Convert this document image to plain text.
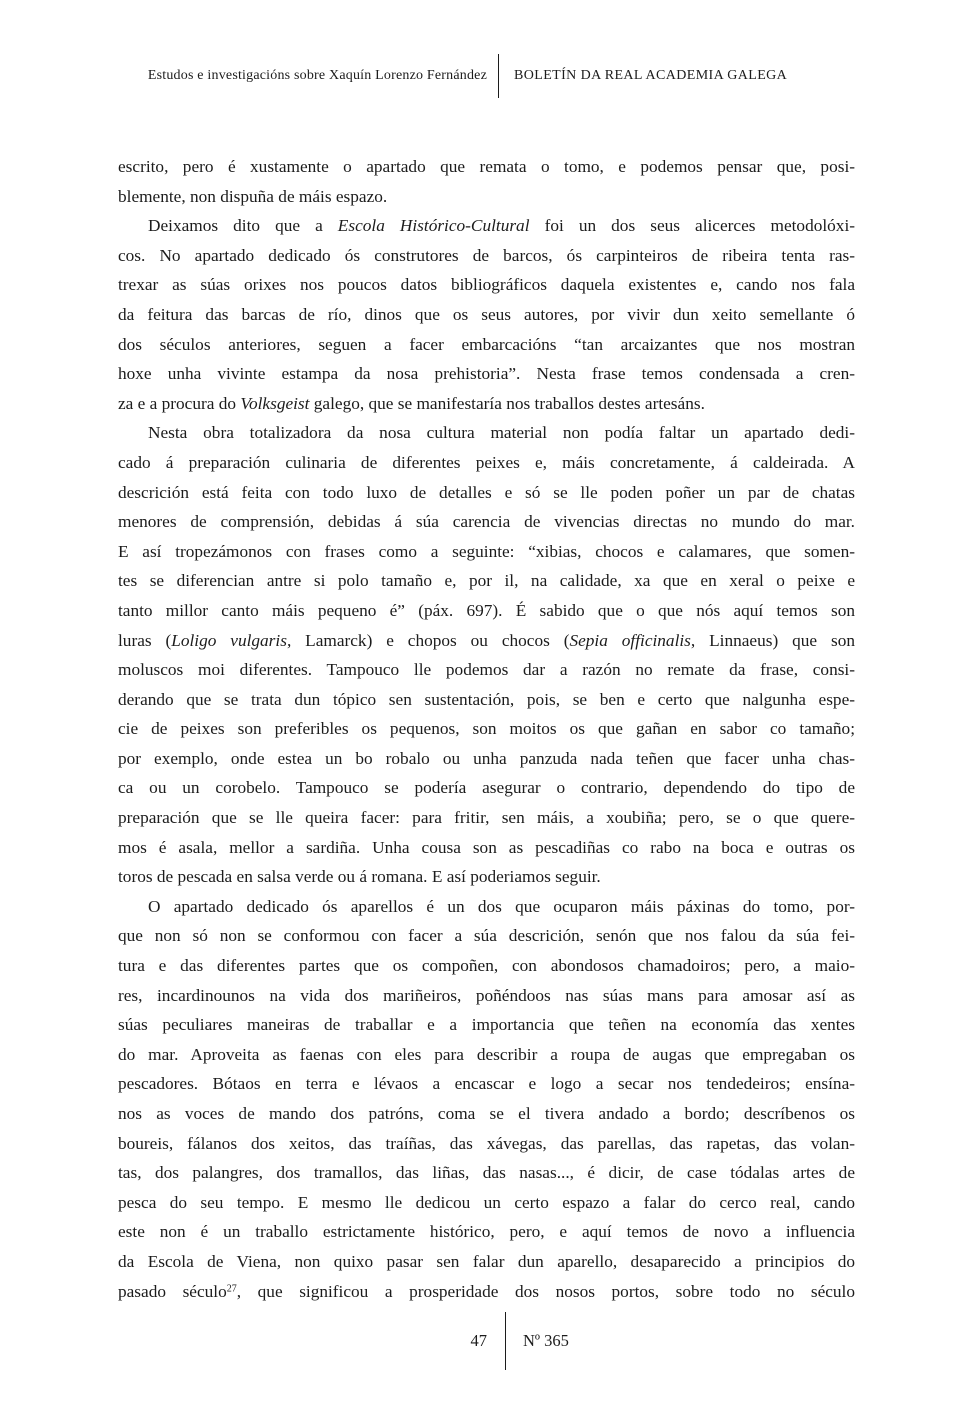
Estudos e investigacións sobre Xaquín Lorenzo Fernández	BOLETÍN DA REAL ACADEMIA GALEGA
escrito, pero é xustamente o apartado que remata o tomo, e podemos pensar que, posi-
blemente, non dispuña de máis espazo.
Deixamos dito que a Escola Histórico-Cultural foi un dos seus alicerces metodolóxi-
cos. No apartado dedicado ós construtores de barcos, ós carpinteiros de ribeira tenta ras-
trexar as súas orixes nos poucos datos bibliográficos daquela existentes e, cando nos fala
da feitura das barcas de río, dinos que os seus autores, por vivir dun xeito semellante ó
dos séculos anteriores, seguen a facer embarcacións “tan arcaizantes que nos mostran
hoxe unha vivinte estampa da nosa prehistoria”. Nesta frase temos condensada a cren-
za e a procura do Volksgeist galego, que se manifestaría nos traballos destes artesáns.
Nesta obra totalizadora da nosa cultura material non podía faltar un apartado dedi-
cado á preparación culinaria de diferentes peixes e, máis concretamente, á caldeirada. A
descrición está feita con todo luxo de detalles e só se lle poden poñer un par de chatas
menores de comprensión, debidas á súa carencia de vivencias directas no mundo do mar.
E así tropezámonos con frases como a seguinte: “xibias, chocos e calamares, que somen-
tes se diferencian antre si polo tamaño e, por il, na calidade, xa que en xeral o peixe e
tanto millor canto máis pequeno é” (páx. 697). É sabido que o que nós aquí temos son
luras (Loligo vulgaris, Lamarck) e chopos ou chocos (Sepia officinalis, Linnaeus) que son
moluscos moi diferentes. Tampouco lle podemos dar a razón no remate da frase, consi-
derando que se trata dun tópico sen sustentación, pois, se ben e certo que nalgunha espe-
cie de peixes son preferibles os pequenos, son moitos os que gañan en sabor co tamaño;
por exemplo, onde estea un bo robalo ou unha panzuda nada teñen que facer unha chas-
ca ou un corobelo. Tampouco se podería asegurar o contrario, dependendo do tipo de
preparación que se lle queira facer: para fritir, sen máis, a xoubiña; pero, se o que quere-
mos é asala, mellor a sardiña. Unha cousa son as pescadiñas co rabo na boca e outras os
toros de pescada en salsa verde ou á romana. E así poderiamos seguir.
O apartado dedicado ós aparellos é un dos que ocuparon máis páxinas do tomo, por-
que non só non se conformou con facer a súa descrición, senón que nos falou da súa fei-
tura e das diferentes partes que os compoñen, con abondosos chamadoiros; pero, a maio-
res, incardinounos na vida dos mariñeiros, poñéndoos nas súas mans para amosar así as
súas peculiares maneiras de traballar e a importancia que teñen na economía das xentes
do mar. Aproveita as faenas con eles para describir a roupa de augas que empregaban os
pescadores. Bótaos en terra e lévaos a encascar e logo a secar nos tendedeiros; ensína-
nos as voces de mando dos patróns, coma se el tivera andado a bordo; descríbenos os
boureis, fálanos dos xeitos, das traíñas, das xávegas, das parellas, das rapetas, das volan-
tas, dos palangres, dos tramallos, das liñas, das nasas..., é dicir, de case tódalas artes de
pesca do seu tempo. E mesmo lle dedicou un certo espazo a falar do cerco real, cando
este non é un traballo estrictamente histórico, pero, e aquí temos de novo a influencia
da Escola de Viena, non quixo pasar sen falar dun aparello, desaparecido a principios do
pasado século$^{27}$, que significou a prosperidade dos nosos portos, sobre todo no século
47	Nº 365
